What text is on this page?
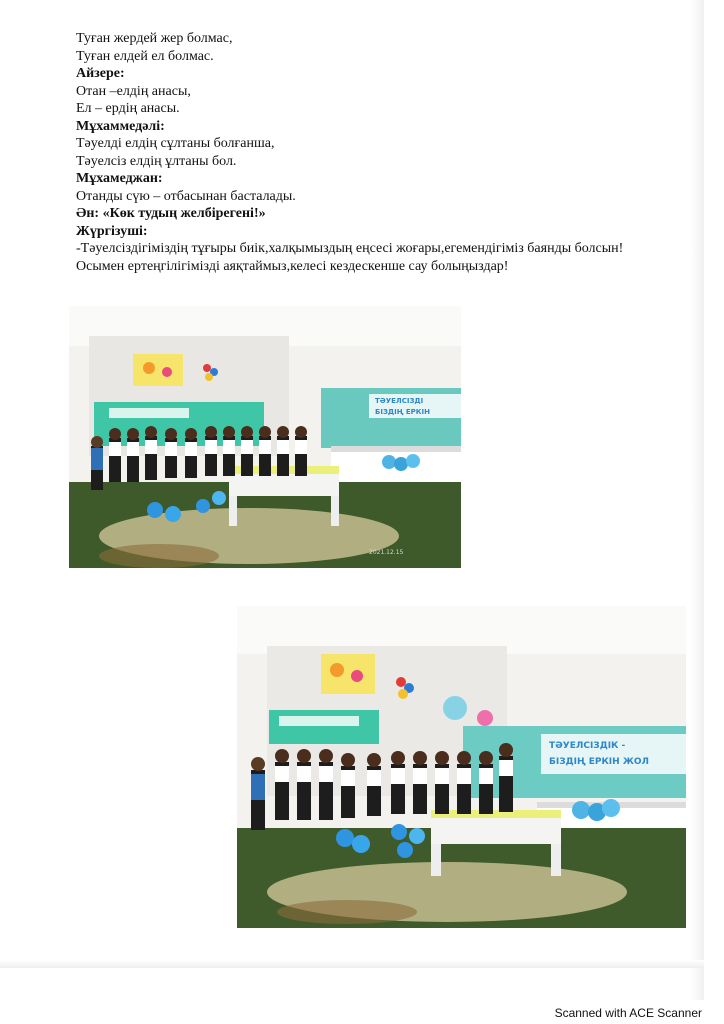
Туған жердей жер болмас,
Туған елдей ел болмас.
Айзере:
Отан –елдің анасы,
Ел – ердің анасы.
Мұхаммедәлі:
Тәуелді елдің сұлтаны болғанша,
Тәуелсіз елдің ұлтаны бол.
Мұхамеджан:
Отанды сүю – отбасынан басталады.
Ән: «Көк тудың желбірегені!»
Жүргізуші:
-Тәуелсіздігіміздің тұғыры биік,халқымыздың еңсесі жоғары,егемендігіміз баянды болсын! Осымен ертеңгілігімізді аяқтаймыз,келесі кездескенше сау болыңыздар!
ТӘУЕЛСІЗДІ
БІЗДІҢ ЕРКІН
2021.12.15
ТӘУЕЛСІЗДІК -
БІЗДІҢ ЕРКІН ЖОЛ
Scanned with ACE Scanner
